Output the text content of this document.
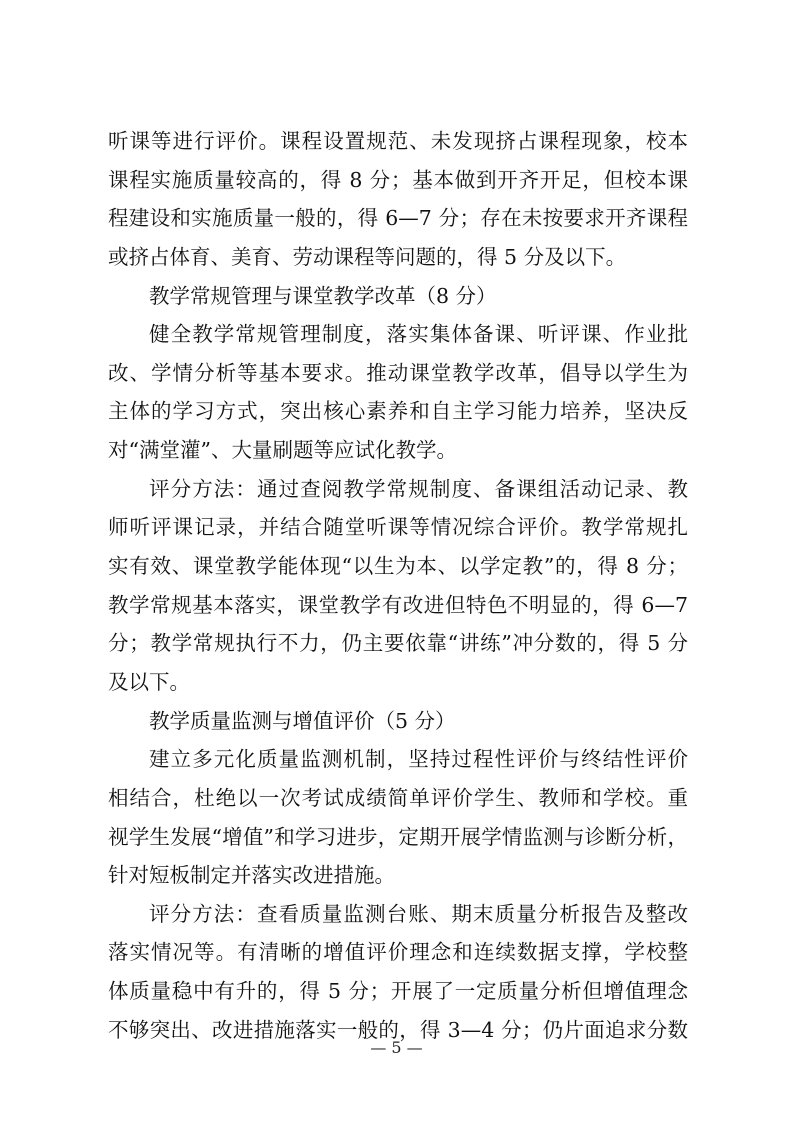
听课等进行评价。课程设置规范、未发现挤占课程现象，校本
课程实施质量较高的，得 8 分；基本做到开齐开足，但校本课
程建设和实施质量一般的，得 6—7 分；存在未按要求开齐课程
或挤占体育、美育、劳动课程等问题的，得 5 分及以下。
教学常规管理与课堂教学改革（8 分）
健全教学常规管理制度，落实集体备课、听评课、作业批
改、学情分析等基本要求。推动课堂教学改革，倡导以学生为
主体的学习方式，突出核心素养和自主学习能力培养，坚决反
对“满堂灌”、大量刷题等应试化教学。
评分方法：通过查阅教学常规制度、备课组活动记录、教
师听评课记录，并结合随堂听课等情况综合评价。教学常规扎
实有效、课堂教学能体现“以生为本、以学定教”的，得 8 分；
教学常规基本落实，课堂教学有改进但特色不明显的，得 6—7
分；教学常规执行不力，仍主要依靠“讲练”冲分数的，得 5 分
及以下。
教学质量监测与增值评价（5 分）
建立多元化质量监测机制，坚持过程性评价与终结性评价
相结合，杜绝以一次考试成绩简单评价学生、教师和学校。重
视学生发展“增值”和学习进步，定期开展学情监测与诊断分析，
针对短板制定并落实改进措施。
评分方法：查看质量监测台账、期末质量分析报告及整改
落实情况等。有清晰的增值评价理念和连续数据支撑，学校整
体质量稳中有升的，得 5 分；开展了一定质量分析但增值理念
不够突出、改进措施落实一般的，得 3—4 分；仍片面追求分数
— 5 —
